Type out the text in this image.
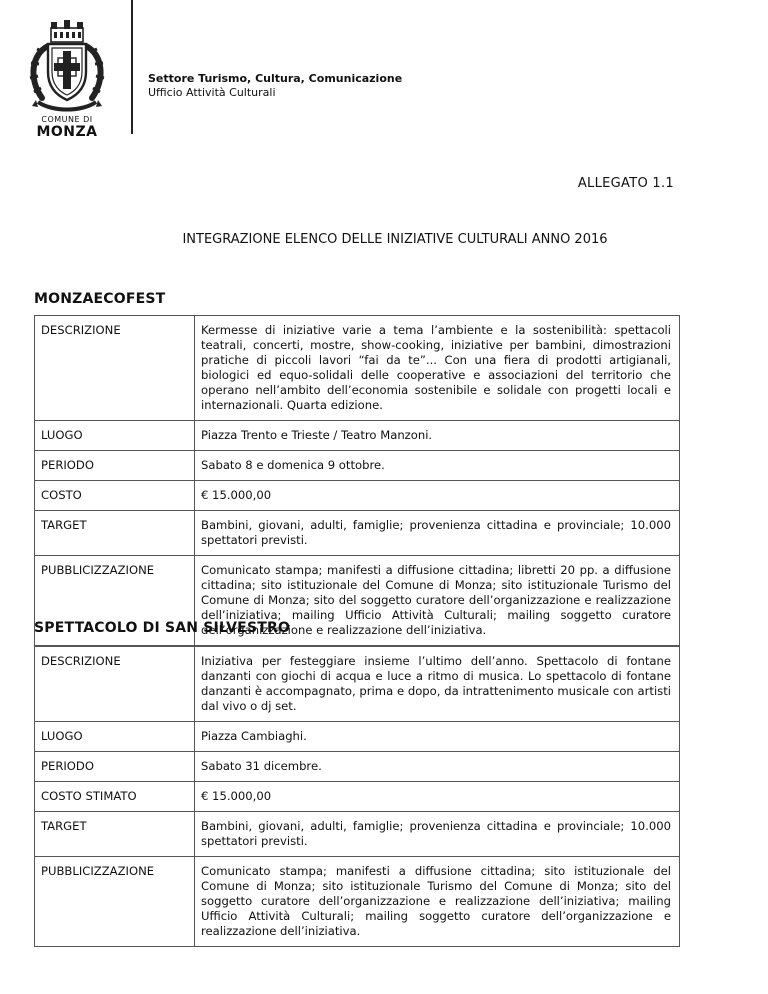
COMUNE DI
MONZA
Settore Turismo, Cultura, Comunicazione
Ufficio Attività Culturali
ALLEGATO 1.1
INTEGRAZIONE ELENCO DELLE INIZIATIVE CULTURALI ANNO 2016
MONZAECOFEST
DESCRIZIONE	Kermesse di iniziative varie a tema l’ambiente e la sostenibilità: spettacoli teatrali, concerti, mostre, show-cooking, iniziative per bambini, dimostrazioni pratiche di piccoli lavori “fai da te”... Con una fiera di prodotti artigianali, biologici ed equo-solidali delle cooperative e associazioni del territorio che operano nell’ambito dell’economia sostenibile e solidale con progetti locali e internazionali. Quarta edizione.
LUOGO	Piazza Trento e Trieste / Teatro Manzoni.
PERIODO	Sabato 8 e domenica 9 ottobre.
COSTO	€ 15.000,00
TARGET	Bambini, giovani, adulti, famiglie; provenienza cittadina e provinciale; 10.000 spettatori previsti.
PUBBLICIZZAZIONE	Comunicato stampa; manifesti a diffusione cittadina; libretti 20 pp. a diffusione cittadina; sito istituzionale del Comune di Monza; sito istituzionale Turismo del Comune di Monza; sito del soggetto curatore dell’organizzazione e realizzazione dell’iniziativa; mailing Ufficio Attività Culturali; mailing soggetto curatore dell’organizzazione e realizzazione dell’iniziativa.
SPETTACOLO DI SAN SILVESTRO
DESCRIZIONE	Iniziativa per festeggiare insieme l’ultimo dell’anno. Spettacolo di fontane danzanti con giochi di acqua e luce a ritmo di musica. Lo spettacolo di fontane danzanti è accompagnato, prima e dopo, da intrattenimento musicale con artisti dal vivo o dj set.
LUOGO	Piazza Cambiaghi.
PERIODO	Sabato 31 dicembre.
COSTO STIMATO	€ 15.000,00
TARGET	Bambini, giovani, adulti, famiglie; provenienza cittadina e provinciale; 10.000 spettatori previsti.
PUBBLICIZZAZIONE	Comunicato stampa; manifesti a diffusione cittadina; sito istituzionale del Comune di Monza; sito istituzionale Turismo del Comune di Monza; sito del soggetto curatore dell’organizzazione e realizzazione dell’iniziativa; mailing Ufficio Attività Culturali; mailing soggetto curatore dell’organizzazione e realizzazione dell’iniziativa.
